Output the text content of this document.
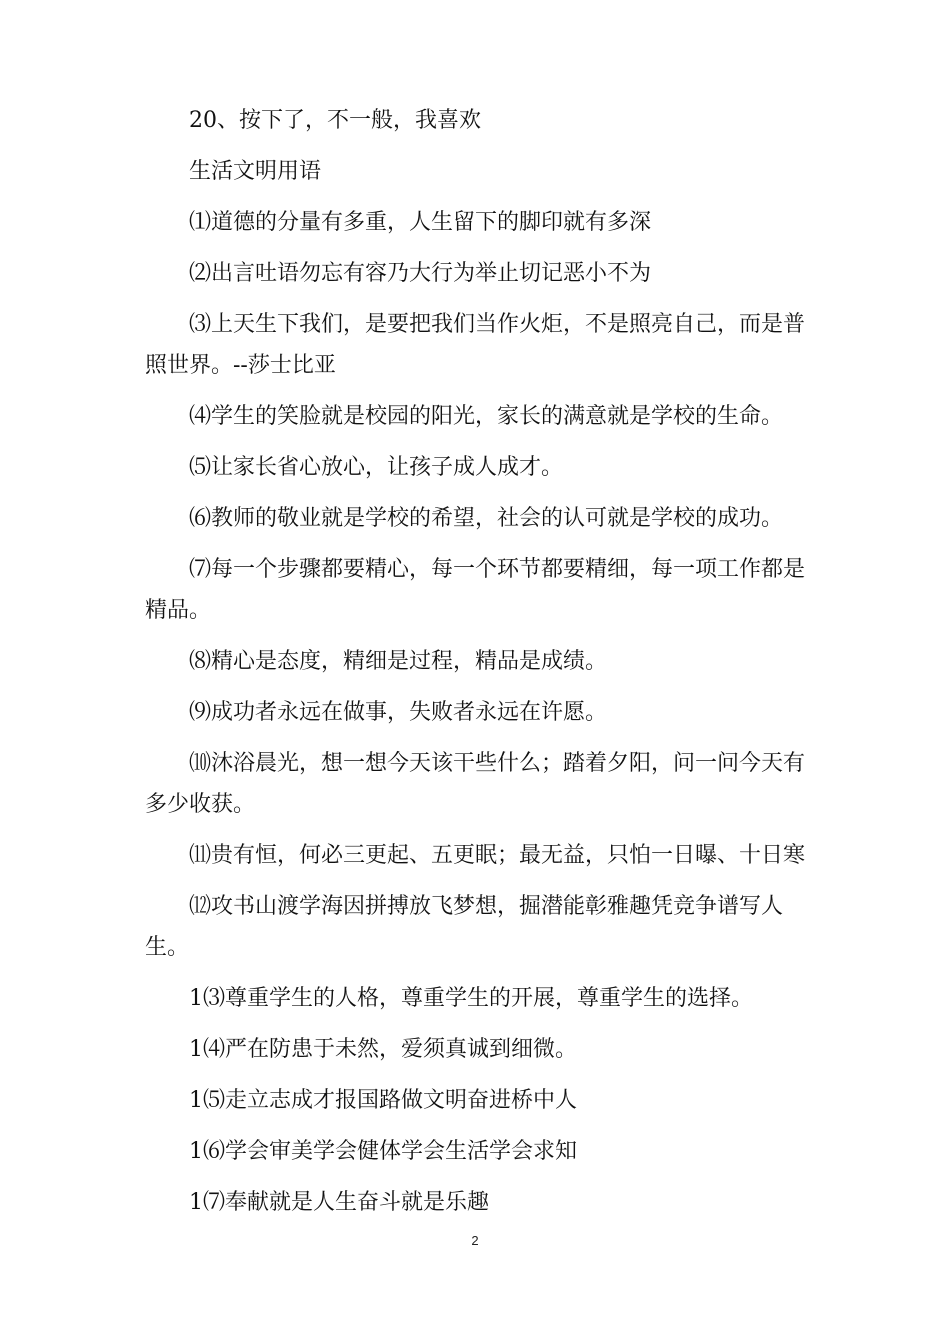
20、按下了，不一般，我喜欢

生活文明用语

⑴道德的分量有多重，人生留下的脚印就有多深

⑵出言吐语勿忘有容乃大行为举止切记恶小不为

⑶上天生下我们，是要把我们当作火炬，不是照亮自己，而是普照世界。--莎士比亚

⑷学生的笑脸就是校园的阳光，家长的满意就是学校的生命。

⑸让家长省心放心，让孩子成人成才。

⑹教师的敬业就是学校的希望，社会的认可就是学校的成功。

⑺每一个步骤都要精心，每一个环节都要精细，每一项工作都是精品。

⑻精心是态度，精细是过程，精品是成绩。

⑼成功者永远在做事，失败者永远在许愿。

⑽沐浴晨光，想一想今天该干些什么；踏着夕阳，问一问今天有多少收获。

⑾贵有恒，何必三更起、五更眠；最无益，只怕一日曝、十日寒

⑿攻书山渡学海因拼搏放飞梦想，掘潜能彰雅趣凭竞争谱写人生。

1⑶尊重学生的人格，尊重学生的开展，尊重学生的选择。

1⑷严在防患于未然，爱须真诚到细微。

1⑸走立志成才报国路做文明奋进桥中人

1⑹学会审美学会健体学会生活学会求知

1⑺奉献就是人生奋斗就是乐趣

2
